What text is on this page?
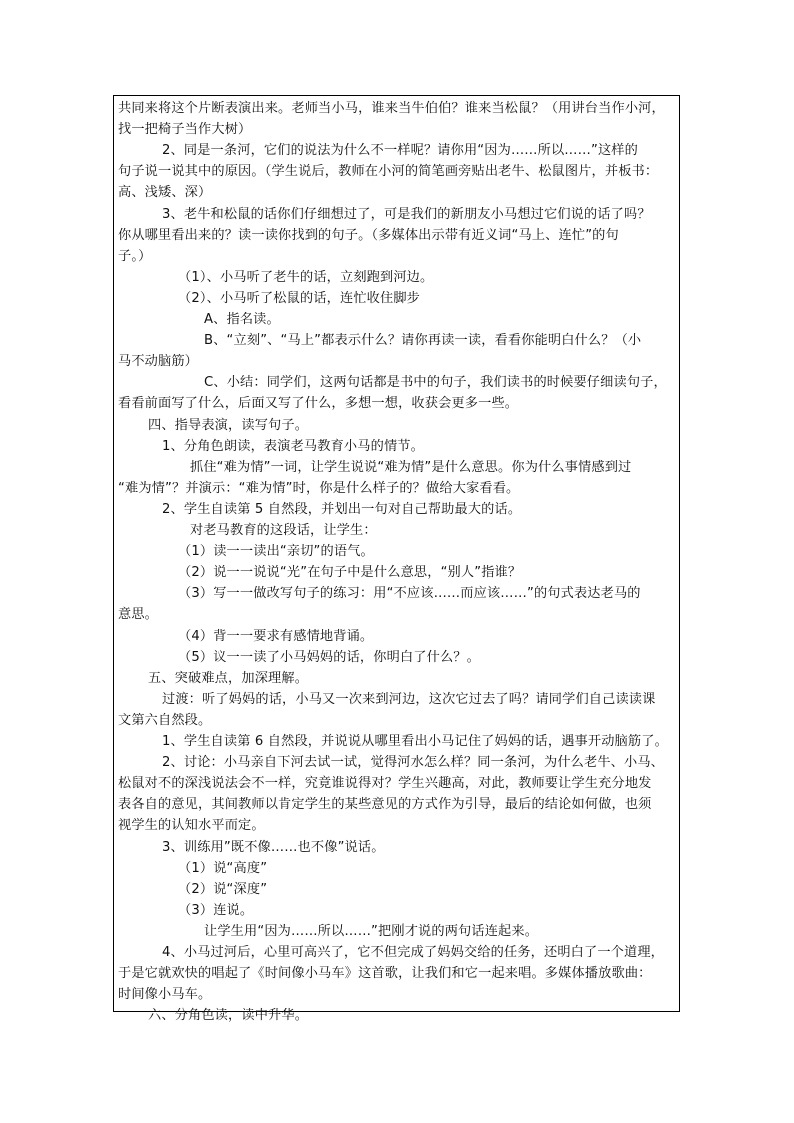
共同来将这个片断表演出来。老师当小马，谁来当牛伯伯？谁来当松鼠？（用讲台当作小河，
找一把椅子当作大树）
2、同是一条河，它们的说法为什么不一样呢？请你用“因为……所以……”这样的
句子说一说其中的原因。（学生说后，教师在小河的简笔画旁贴出老牛、松鼠图片，并板书：
高、浅矮、深）
3、老牛和松鼠的话你们仔细想过了，可是我们的新朋友小马想过它们说的话了吗？
你从哪里看出来的？读一读你找到的句子。（多媒体出示带有近义词“马上、连忙”的句
子。）
（1）、小马听了老牛的话，立刻跑到河边。
（2）、小马听了松鼠的话，连忙收住脚步
A、指名读。
B、“立刻”、“马上”都表示什么？请你再读一读，看看你能明白什么？（小
马不动脑筋）
C、小结：同学们，这两句话都是书中的句子，我们读书的时候要仔细读句子，
看看前面写了什么，后面又写了什么，多想一想，收获会更多一些。
四、指导表演，读写句子。
1、分角色朗读，表演老马教育小马的情节。
抓住“难为情”一词，让学生说说“难为情”是什么意思。你为什么事情感到过
“难为情”？并演示：“难为情”时，你是什么样子的？做给大家看看。
2、学生自读第 5 自然段，并划出一句对自己帮助最大的话。
对老马教育的这段话，让学生：
（1）读一一读出“亲切”的语气。
（2）说一一说说“光”在句子中是什么意思，“别人”指谁？
（3）写一一做改写句子的练习：用“不应该……而应该……”的句式表达老马的
意思。
（4）背一一要求有感情地背诵。
（5）议一一读了小马妈妈的话，你明白了什么？。
五、突破难点，加深理解。
过渡：听了妈妈的话，小马又一次来到河边，这次它过去了吗？请同学们自己读读课
文第六自然段。
1、学生自读第 6 自然段，并说说从哪里看出小马记住了妈妈的话，遇事开动脑筋了。
2、讨论：小马亲自下河去试一试，觉得河水怎么样？同一条河，为什么老牛、小马、
松鼠对不的深浅说法会不一样，究竟谁说得对？学生兴趣高，对此，教师要让学生充分地发
表各自的意见，其间教师以肯定学生的某些意见的方式作为引导，最后的结论如何做，也须
视学生的认知水平而定。
3、训练用”既不像……也不像”说话。
（1）说“高度”
（2）说“深度”
（3）连说。
让学生用“因为……所以……”把刚才说的两句话连起来。
4、小马过河后，心里可高兴了，它不但完成了妈妈交给的任务，还明白了一个道理，
于是它就欢快的唱起了《时间像小马车》这首歌，让我们和它一起来唱。多媒体播放歌曲：
时间像小马车。
六、分角色读，读中升华。
